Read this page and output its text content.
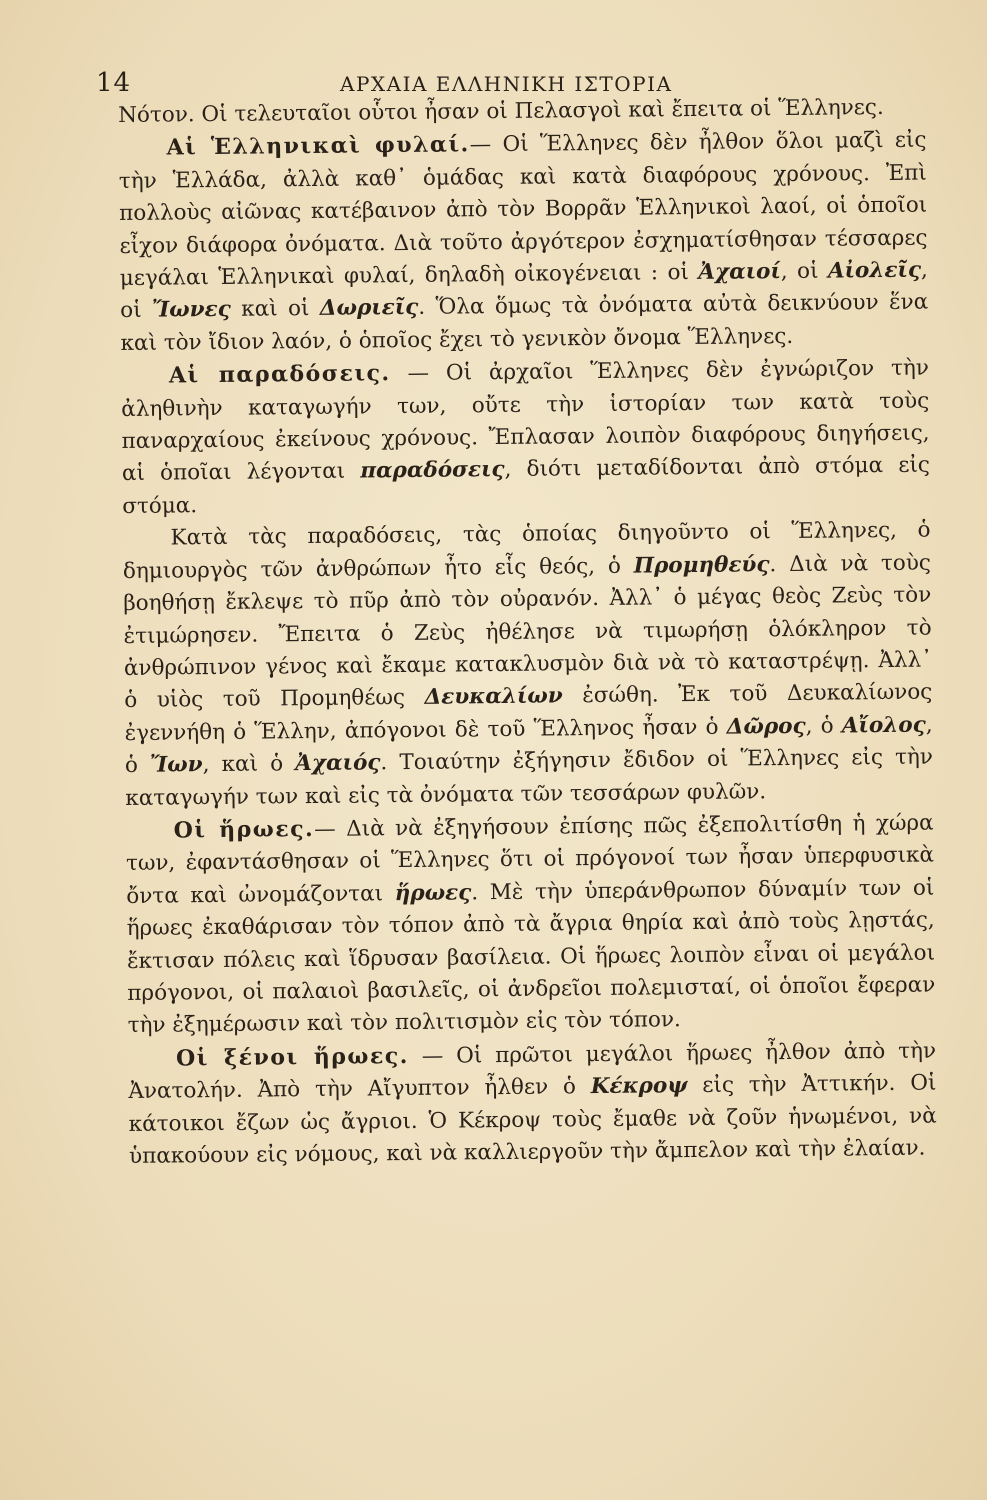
14	ΑΡΧΑΙΑ ΕΛΛΗΝΙΚΗ ΙΣΤΟΡΙΑ

Νότον. Οἱ τελευταῖοι οὗτοι ἦσαν οἱ Πελασγοὶ καὶ ἔπειτα οἱ Ἕλληνες.

Αἱ Ἑλληνικαὶ φυλαί.— Οἱ Ἕλληνες δὲν ἦλθον ὅλοι μαζὶ εἰς τὴν Ἑλλάδα, ἀλλὰ καθ᾽ ὁμάδας καὶ κατὰ διαφόρους χρόνους. Ἐπὶ πολλοὺς αἰῶνας κατέβαινον ἀπὸ τὸν Βορρᾶν Ἑλληνικοὶ λαοί, οἱ ὁποῖοι εἶχον διάφορα ὀνόματα. Διὰ τοῦτο ἀργότερον ἐσχηματίσθησαν τέσσαρες μεγάλαι Ἑλληνικαὶ φυλαί, δηλαδὴ οἰκογένειαι : οἱ Ἀχαιοί, οἱ Αἰολεῖς, οἱ Ἴωνες καὶ οἱ Δωριεῖς. Ὅλα ὅμως τὰ ὀνόματα αὐτὰ δεικνύουν ἕνα καὶ τὸν ἴδιον λαόν, ὁ ὁποῖος ἔχει τὸ γενικὸν ὄνομα Ἕλληνες.

Αἱ παραδόσεις. — Οἱ ἀρχαῖοι Ἕλληνες δὲν ἐγνώριζον τὴν ἀληθινὴν καταγωγήν των, οὔτε τὴν ἱστορίαν των κατὰ τοὺς παναρχαίους ἐκείνους χρόνους. Ἔπλασαν λοιπὸν διαφόρους διηγήσεις, αἱ ὁποῖαι λέγονται παραδόσεις, διότι μεταδίδονται ἀπὸ στόμα εἰς στόμα.

Κατὰ τὰς παραδόσεις, τὰς ὁποίας διηγοῦντο οἱ Ἕλληνες, ὁ δημιουργὸς τῶν ἀνθρώπων ἦτο εἷς θεός, ὁ Προμηθεύς. Διὰ νὰ τοὺς βοηθήσῃ ἔκλεψε τὸ πῦρ ἀπὸ τὸν οὐρανόν. Ἀλλ᾽ ὁ μέγας θεὸς Ζεὺς τὸν ἐτιμώρησεν. Ἔπειτα ὁ Ζεὺς ἠθέλησε νὰ τιμωρήσῃ ὁλόκληρον τὸ ἀνθρώπινον γένος καὶ ἔκαμε κατακλυσμὸν διὰ νὰ τὸ καταστρέψῃ. Ἀλλ᾽ ὁ υἱὸς τοῦ Προμηθέως Δευκαλίων ἐσώθη. Ἐκ τοῦ Δευκαλίωνος ἐγεννήθη ὁ Ἕλλην, ἀπόγονοι δὲ τοῦ Ἕλληνος ἦσαν ὁ Δῶρος, ὁ Αἴολος, ὁ Ἴων, καὶ ὁ Ἀχαιός. Τοιαύτην ἐξήγησιν ἔδιδον οἱ Ἕλληνες εἰς τὴν καταγωγήν των καὶ εἰς τὰ ὀνόματα τῶν τεσσάρων φυλῶν.

Οἱ ἥρωες.— Διὰ νὰ ἐξηγήσουν ἐπίσης πῶς ἐξεπολιτίσθη ἡ χώρα των, ἐφαντάσθησαν οἱ Ἕλληνες ὅτι οἱ πρόγονοί των ἦσαν ὑπερφυσικὰ ὄντα καὶ ὠνομάζονται ἥρωες. Μὲ τὴν ὑπεράνθρωπον δύναμίν των οἱ ἥρωες ἐκαθάρισαν τὸν τόπον ἀπὸ τὰ ἄγρια θηρία καὶ ἀπὸ τοὺς λῃστάς, ἔκτισαν πόλεις καὶ ἵδρυσαν βασίλεια. Οἱ ἥρωες λοιπὸν εἶναι οἱ μεγάλοι πρόγονοι, οἱ παλαιοὶ βασιλεῖς, οἱ ἀνδρεῖοι πολεμισταί, οἱ ὁποῖοι ἔφεραν τὴν ἐξημέρωσιν καὶ τὸν πολιτισμὸν εἰς τὸν τόπον.

Οἱ ξένοι ἥρωες. — Οἱ πρῶτοι μεγάλοι ἥρωες ἦλθον ἀπὸ τὴν Ἀνατολήν. Ἀπὸ τὴν Αἴγυπτον ἦλθεν ὁ Κέκροψ εἰς τὴν Ἀττικήν. Οἱ κάτοικοι ἔζων ὡς ἄγριοι. Ὁ Κέκροψ τοὺς ἔμαθε νὰ ζοῦν ἡνωμένοι, νὰ ὑπακούουν εἰς νόμους, καὶ νὰ καλλιεργοῦν τὴν ἄμπελον καὶ τὴν ἐλαίαν.
